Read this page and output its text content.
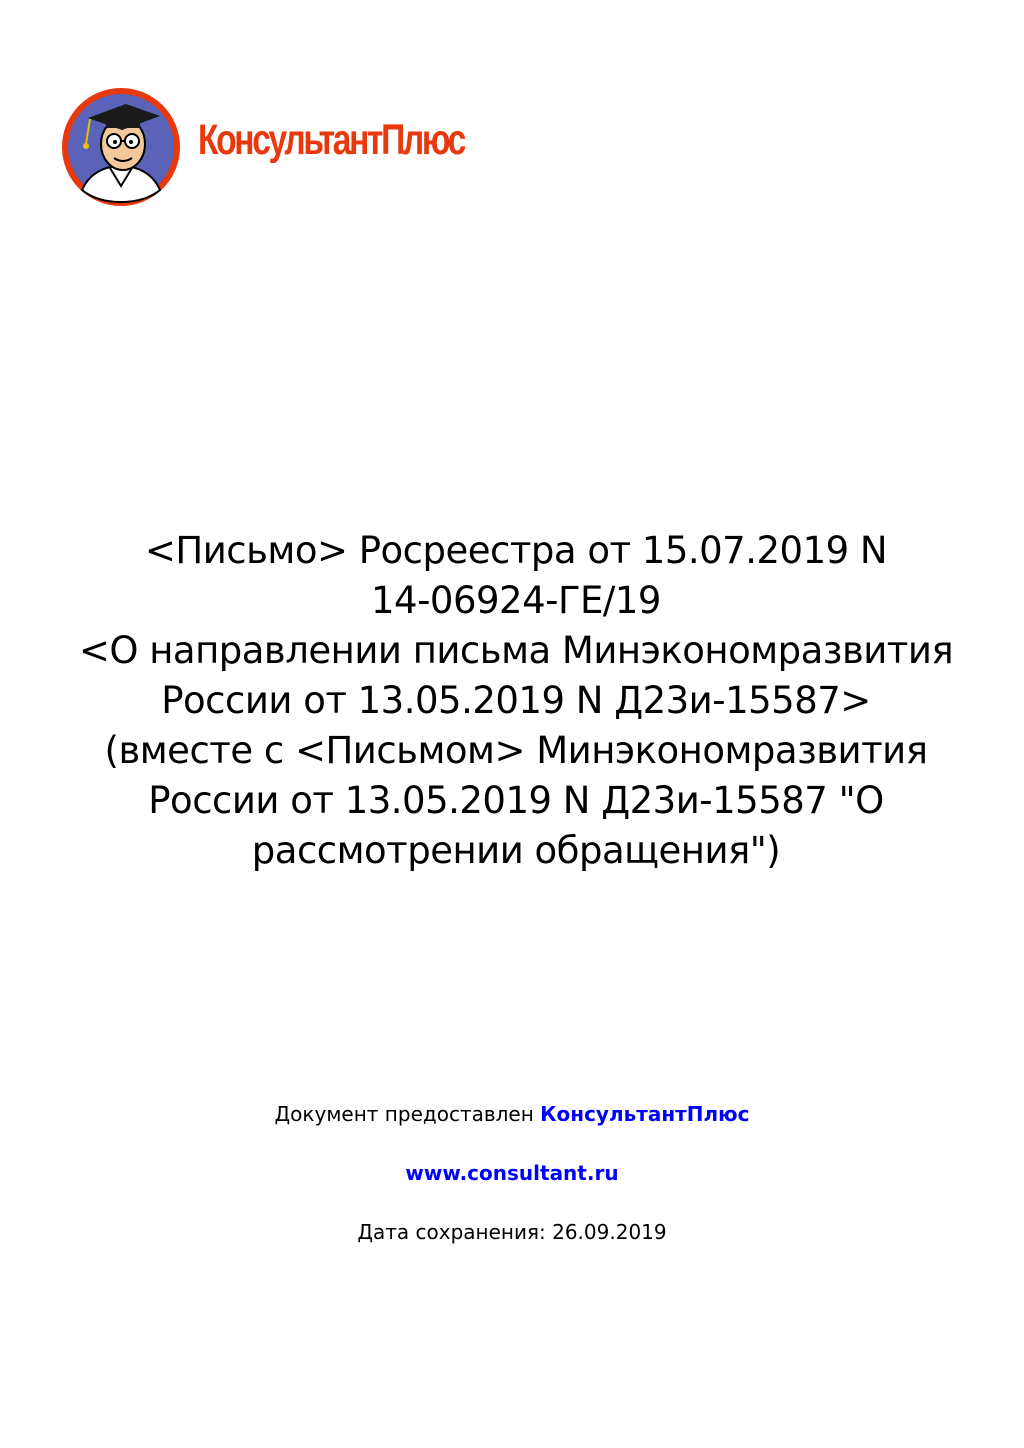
КонсультантПлюс
<Письмо> Росреестра от 15.07.2019 N
14-06924-ГЕ/19
<О направлении письма Минэкономразвития
России от 13.05.2019 N Д23и-15587>
(вместе с <Письмом> Минэкономразвития
России от 13.05.2019 N Д23и-15587 "О
рассмотрении обращения")
Документ предоставлен КонсультантПлюс
www.consultant.ru
Дата сохранения: 26.09.2019
